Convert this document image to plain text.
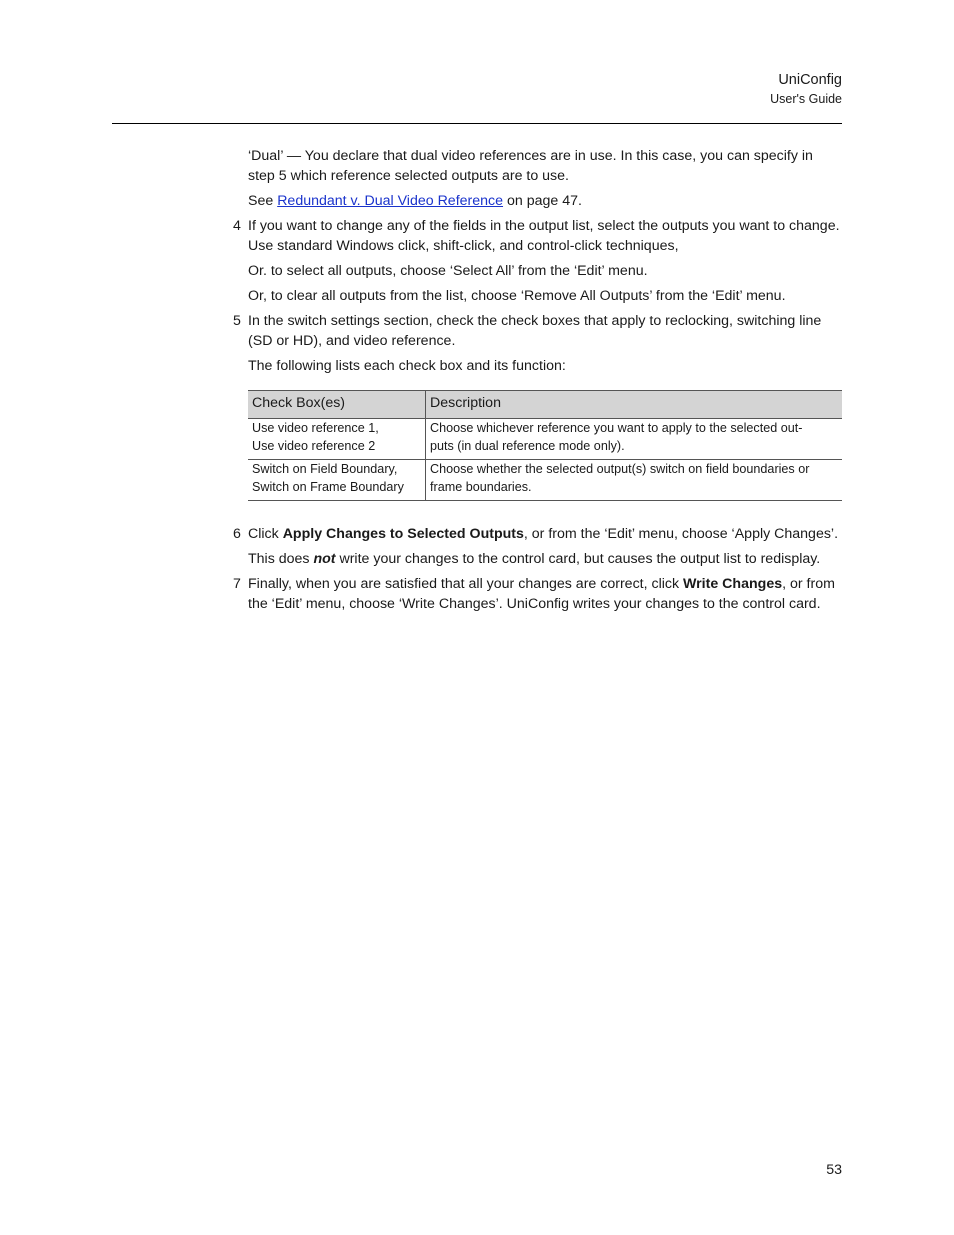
UniConfig
User's Guide

‘Dual’ — You declare that dual video references are in use. In this case, you can specify in step 5 which reference selected outputs are to use.

See Redundant v. Dual Video Reference on page 47.

4 If you want to change any of the fields in the output list, select the outputs you want to change. Use standard Windows click, shift-click, and control-click techniques,

Or. to select all outputs, choose ‘Select All’ from the ‘Edit’ menu.

Or, to clear all outputs from the list, choose ‘Remove All Outputs’ from the ‘Edit’ menu.

5 In the switch settings section, check the check boxes that apply to reclocking, switching line (SD or HD), and video reference.

The following lists each check box and its function:

Check Box(es)	Description

Use video reference 1,
Use video reference 2	Choose whichever reference you want to apply to the selected out-
puts (in dual reference mode only).

Switch on Field Boundary,
Switch on Frame Boundary	Choose whether the selected output(s) switch on field boundaries or
frame boundaries.
6 Click Apply Changes to Selected Outputs, or from the ‘Edit’ menu, choose ‘Apply Changes’.

This does not write your changes to the control card, but causes the output list to redisplay.

7 Finally, when you are satisfied that all your changes are correct, click Write Changes, or from the ‘Edit’ menu, choose ‘Write Changes’. UniConfig writes your changes to the control card.
53
